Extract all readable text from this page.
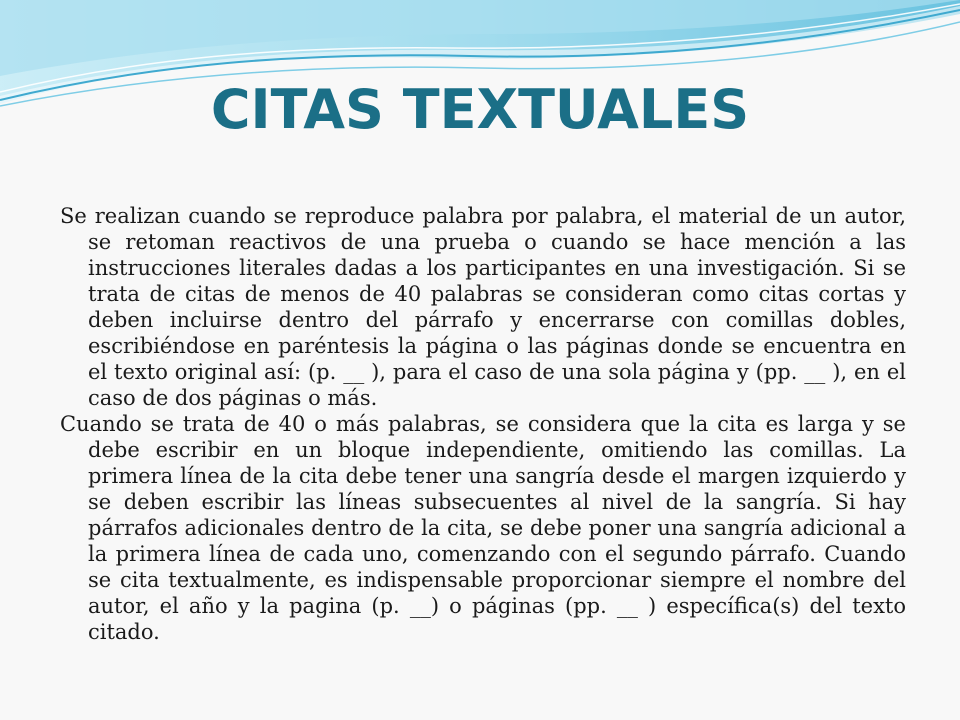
CITAS TEXTUALES

Se realizan cuando se reproduce palabra por palabra, el material de un autor, se retoman reactivos de una prueba o cuando se hace mención a las instrucciones literales dadas a los participantes en una investigación. Si se trata de citas de menos de 40 palabras se consideran como citas cortas y deben incluirse dentro del párrafo y encerrarse con comillas dobles, escribiéndose en paréntesis la página o las páginas donde se encuentra en el texto original así: (p. __ ), para el caso de una sola página y (pp. __ ), en el caso de dos páginas o más.

Cuando se trata de 40 o más palabras, se considera que la cita es larga y se debe escribir en un bloque independiente, omitiendo las comillas. La primera línea de la cita debe tener una sangría desde el margen izquierdo y se deben escribir las líneas subsecuentes al nivel de la sangría. Si hay párrafos adicionales dentro de la cita, se debe poner una sangría adicional a la primera línea de cada uno, comenzando con el segundo párrafo. Cuando se cita textualmente, es indispensable proporcionar siempre el nombre del autor, el año y la pagina (p. __) o páginas (pp. __ ) específica(s) del texto citado.
